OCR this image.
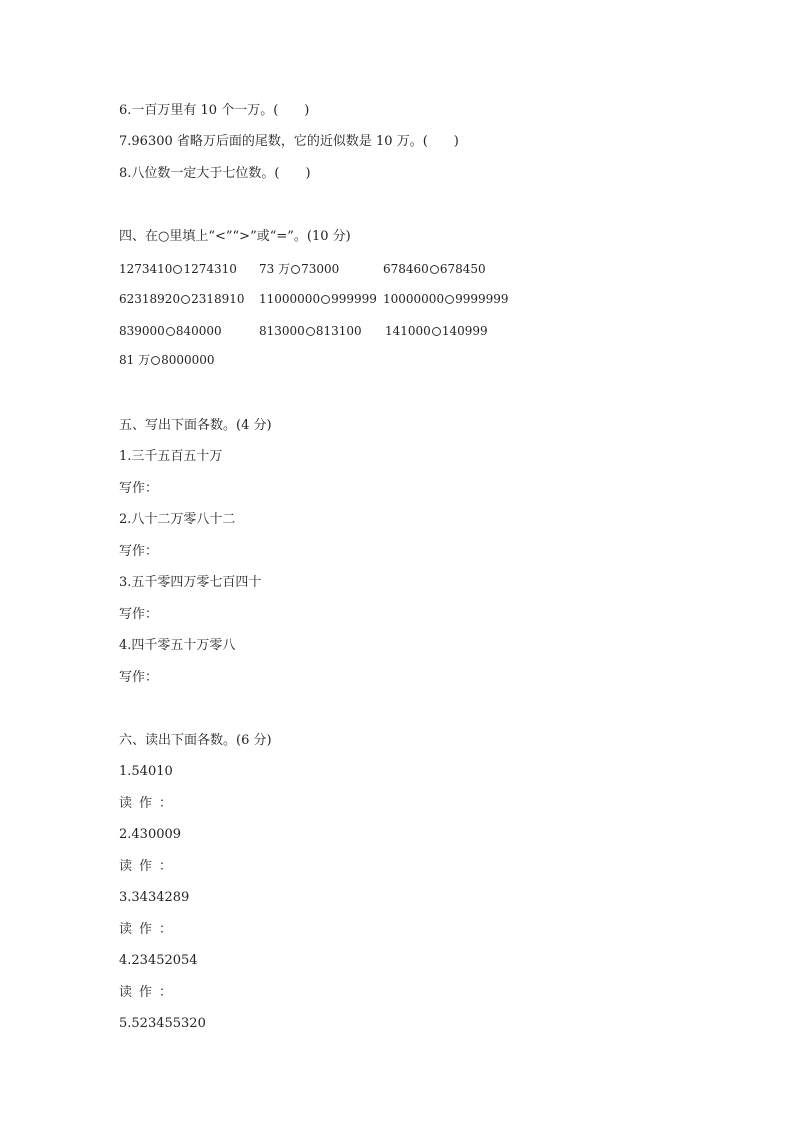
6.一百万里有 10 个一万。(　　)
7.96300 省略万后面的尾数，它的近似数是 10 万。(　　)
8.八位数一定大于七位数。(　　)
四、在○里填上“<”“>”或“=”。(10 分)
1273410 1274310 73 万 73000	678460 678450
62318920 2318910 11000000 999999 10000000 9999999
839000 840000	813000 813100 141000 140999
81 万 8000000
五、写出下面各数。(4 分)
1.三千五百五十万
写作：
2.八十二万零八十二
写作：
3.五千零四万零七百四十
写作：
4.四千零五十万零八
写作：
六、读出下面各数。(6 分)
1.54010
读作：
2.430009
读作：
3.3434289
读作：
4.23452054
读作：
5.523455320
